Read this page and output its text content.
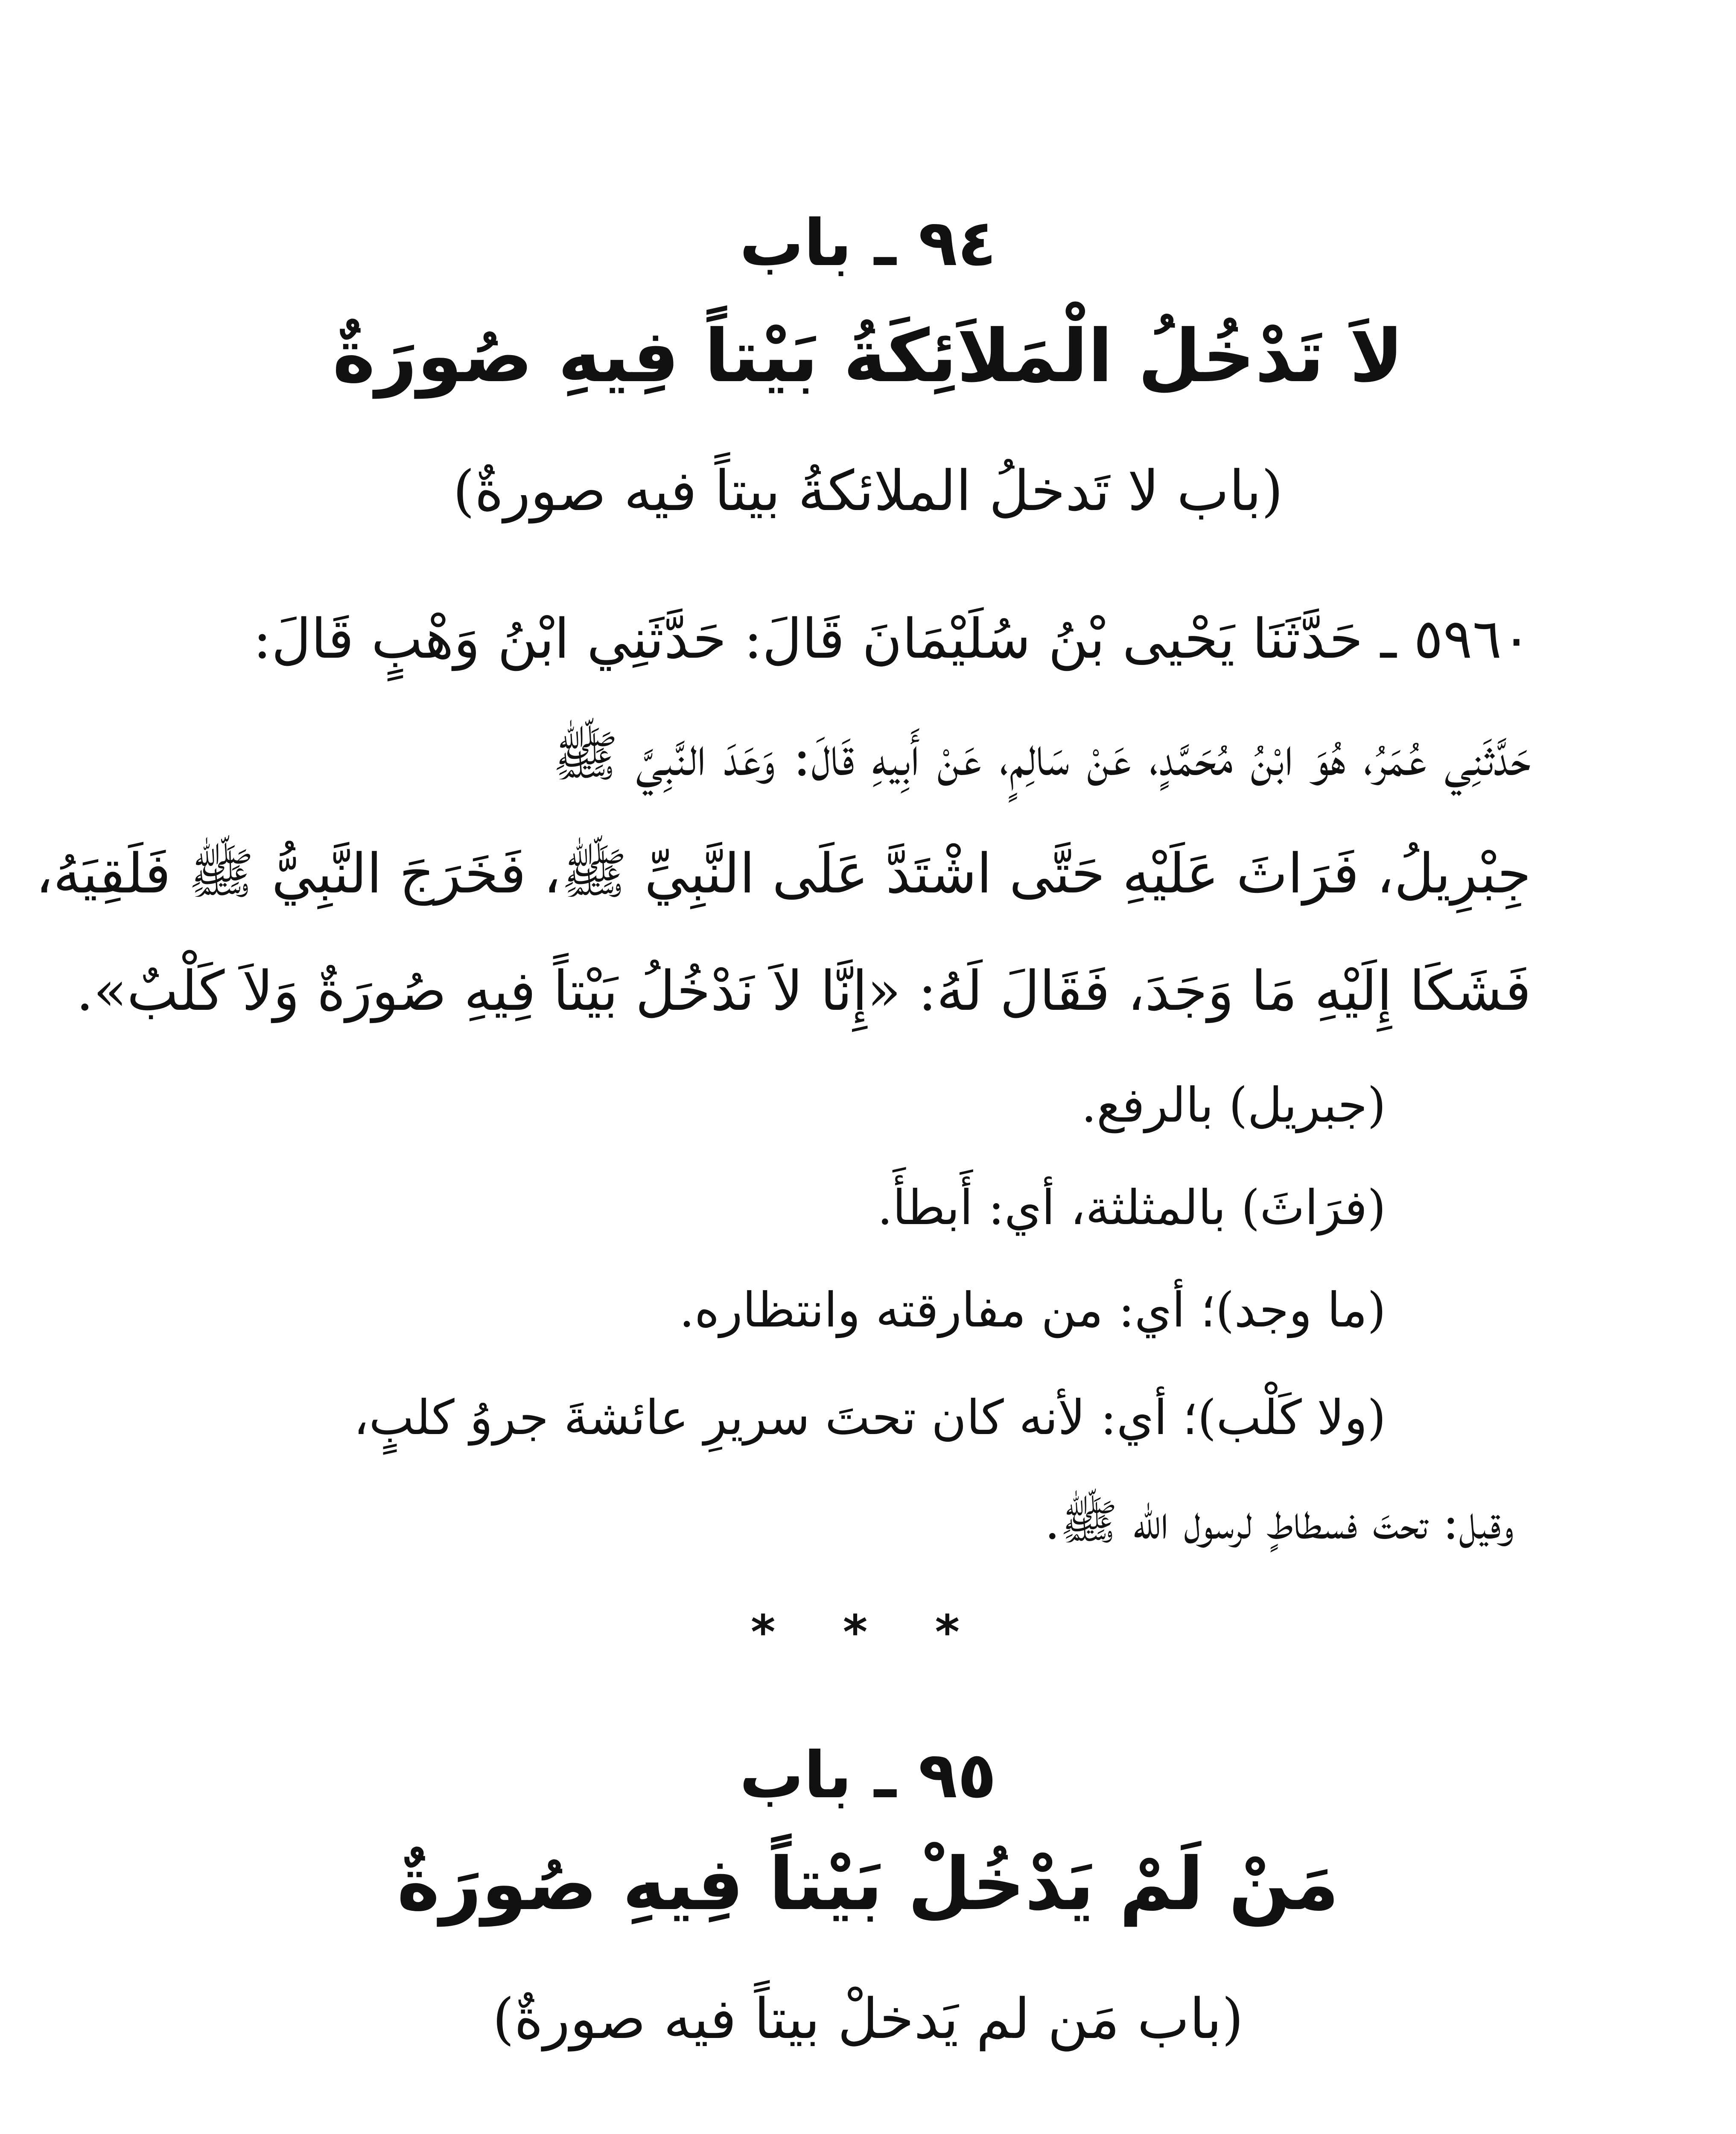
٩٤ ـ باب
لاَ تَدْخُلُ الْمَلاَئِكَةُ بَيْتاً فِيهِ صُورَةٌ
(باب لا تَدخلُ الملائكةُ بيتاً فيه صورةٌ)
٥٩٦٠ ـ حَدَّثَنَا يَحْيى بْنُ سُلَيْمَانَ قَالَ: حَدَّثَنِي ابْنُ وَهْبٍ قَالَ:
حَدَّثَنِي عُمَرُ، هُوَ ابْنُ مُحَمَّدٍ، عَنْ سَالِمٍ، عَنْ أَبِيهِ قَالَ: وَعَدَ النَّبِيَّ ﷺ
جِبْرِيلُ، فَرَاثَ عَلَيْهِ حَتَّى اشْتَدَّ عَلَى النَّبِيِّ ﷺ، فَخَرَجَ النَّبِيُّ ﷺ فَلَقِيَهُ،
فَشَكَا إِلَيْهِ مَا وَجَدَ، فَقَالَ لَهُ: «إِنَّا لاَ نَدْخُلُ بَيْتاً فِيهِ صُورَةٌ وَلاَ كَلْبٌ».
(جبريل) بالرفع.
(فرَاثَ) بالمثلثة، أي: أَبطأَ.
(ما وجد)؛ أي: من مفارقته وانتظاره.
(ولا كَلْب)؛ أي: لأنه كان تحتَ سريرِ عائشةَ جروُ كلبٍ،
وقيل: تحتَ فسطاطٍ لرسول الله ﷺ.
* * *
٩٥ ـ باب
مَنْ لَمْ يَدْخُلْ بَيْتاً فِيهِ صُورَةٌ
(باب مَن لم يَدخلْ بيتاً فيه صورةٌ)
